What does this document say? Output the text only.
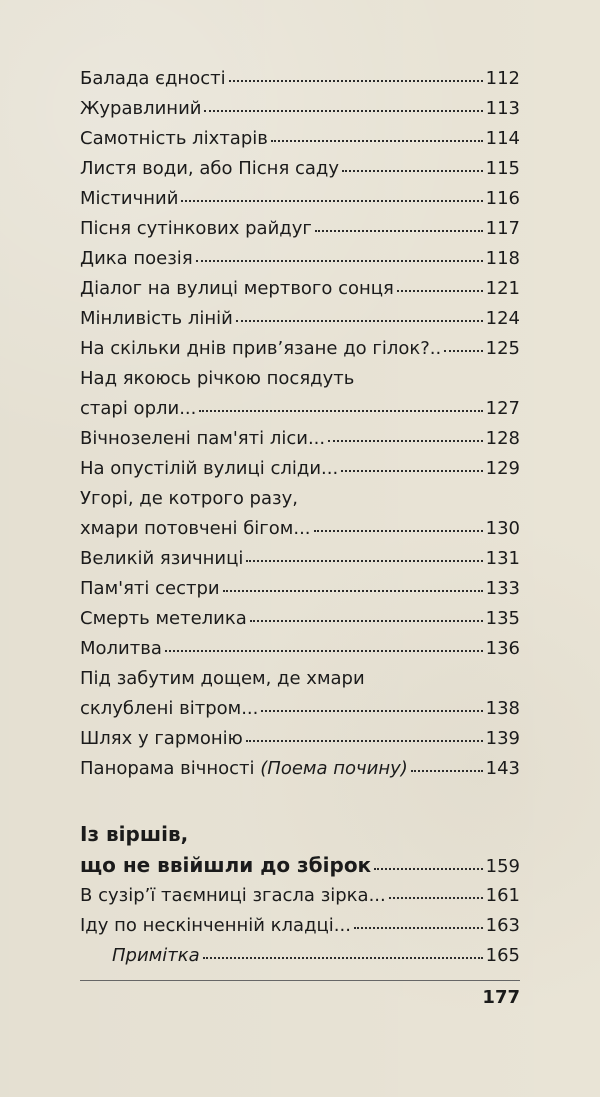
Балада єдності	112
Журавлиний	113
Самотність ліхтарів	114
Листя води, або Пісня саду	115
Містичний	116
Пісня сутінкових райдуг	117
Дика поезія	118
Діалог на вулиці мертвого сонця	121
Мінливість ліній	124
На скільки днів прив’язане до гілок?.. 125
Над якоюсь річкою посядуть
старі орли...	127
Вічнозелені пам'яті ліси...	128
На опустілій вулиці сліди...	129
Угорі, де котрого разу,
хмари потовчені бігом...	130
Великій язичниці	131
Пам'яті сестри	133
Смерть метелика	135
Молитва	136
Під забутим дощем, де хмари
склублені вітром...	138
Шлях у гармонію	139
Панорама вічності (Поема почину)	143
Із віршів,
що не ввійшли до збірок	159
В сузір’ї таємниці згасла зірка...	161
Іду по нескінченній кладці...	163
Примітка	165
177
